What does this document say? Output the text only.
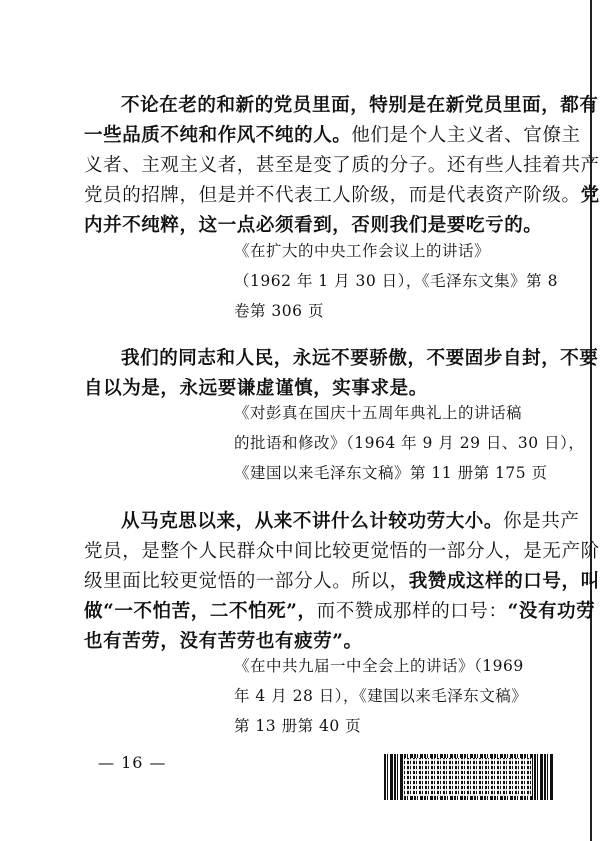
不论在老的和新的党员里面，特别是在新党员里面，都有
一些品质不纯和作风不纯的人。他们是个人主义者、官僚主
义者、主观主义者，甚至是变了质的分子。还有些人挂着共产
党员的招牌，但是并不代表工人阶级，而是代表资产阶级。党
内并不纯粹，这一点必须看到，否则我们是要吃亏的。
《在扩大的中央工作会议上的讲话》
（1962 年 1 月 30 日），《毛泽东文集》第 8
卷第 306 页
我们的同志和人民，永远不要骄傲，不要固步自封，不要
自以为是，永远要谦虚谨慎，实事求是。
《对彭真在国庆十五周年典礼上的讲话稿
的批语和修改》（1964 年 9 月 29 日、30 日），
《建国以来毛泽东文稿》第 11 册第 175 页
从马克思以来，从来不讲什么计较功劳大小。你是共产
党员，是整个人民群众中间比较更觉悟的一部分人，是无产阶
级里面比较更觉悟的一部分人。所以，我赞成这样的口号，叫
做“一不怕苦，二不怕死”，而不赞成那样的口号：“没有功劳
也有苦劳，没有苦劳也有疲劳”。
《在中共九届一中全会上的讲话》（1969
年 4 月 28 日），《建国以来毛泽东文稿》
第 13 册第 40 页
— 16 —
